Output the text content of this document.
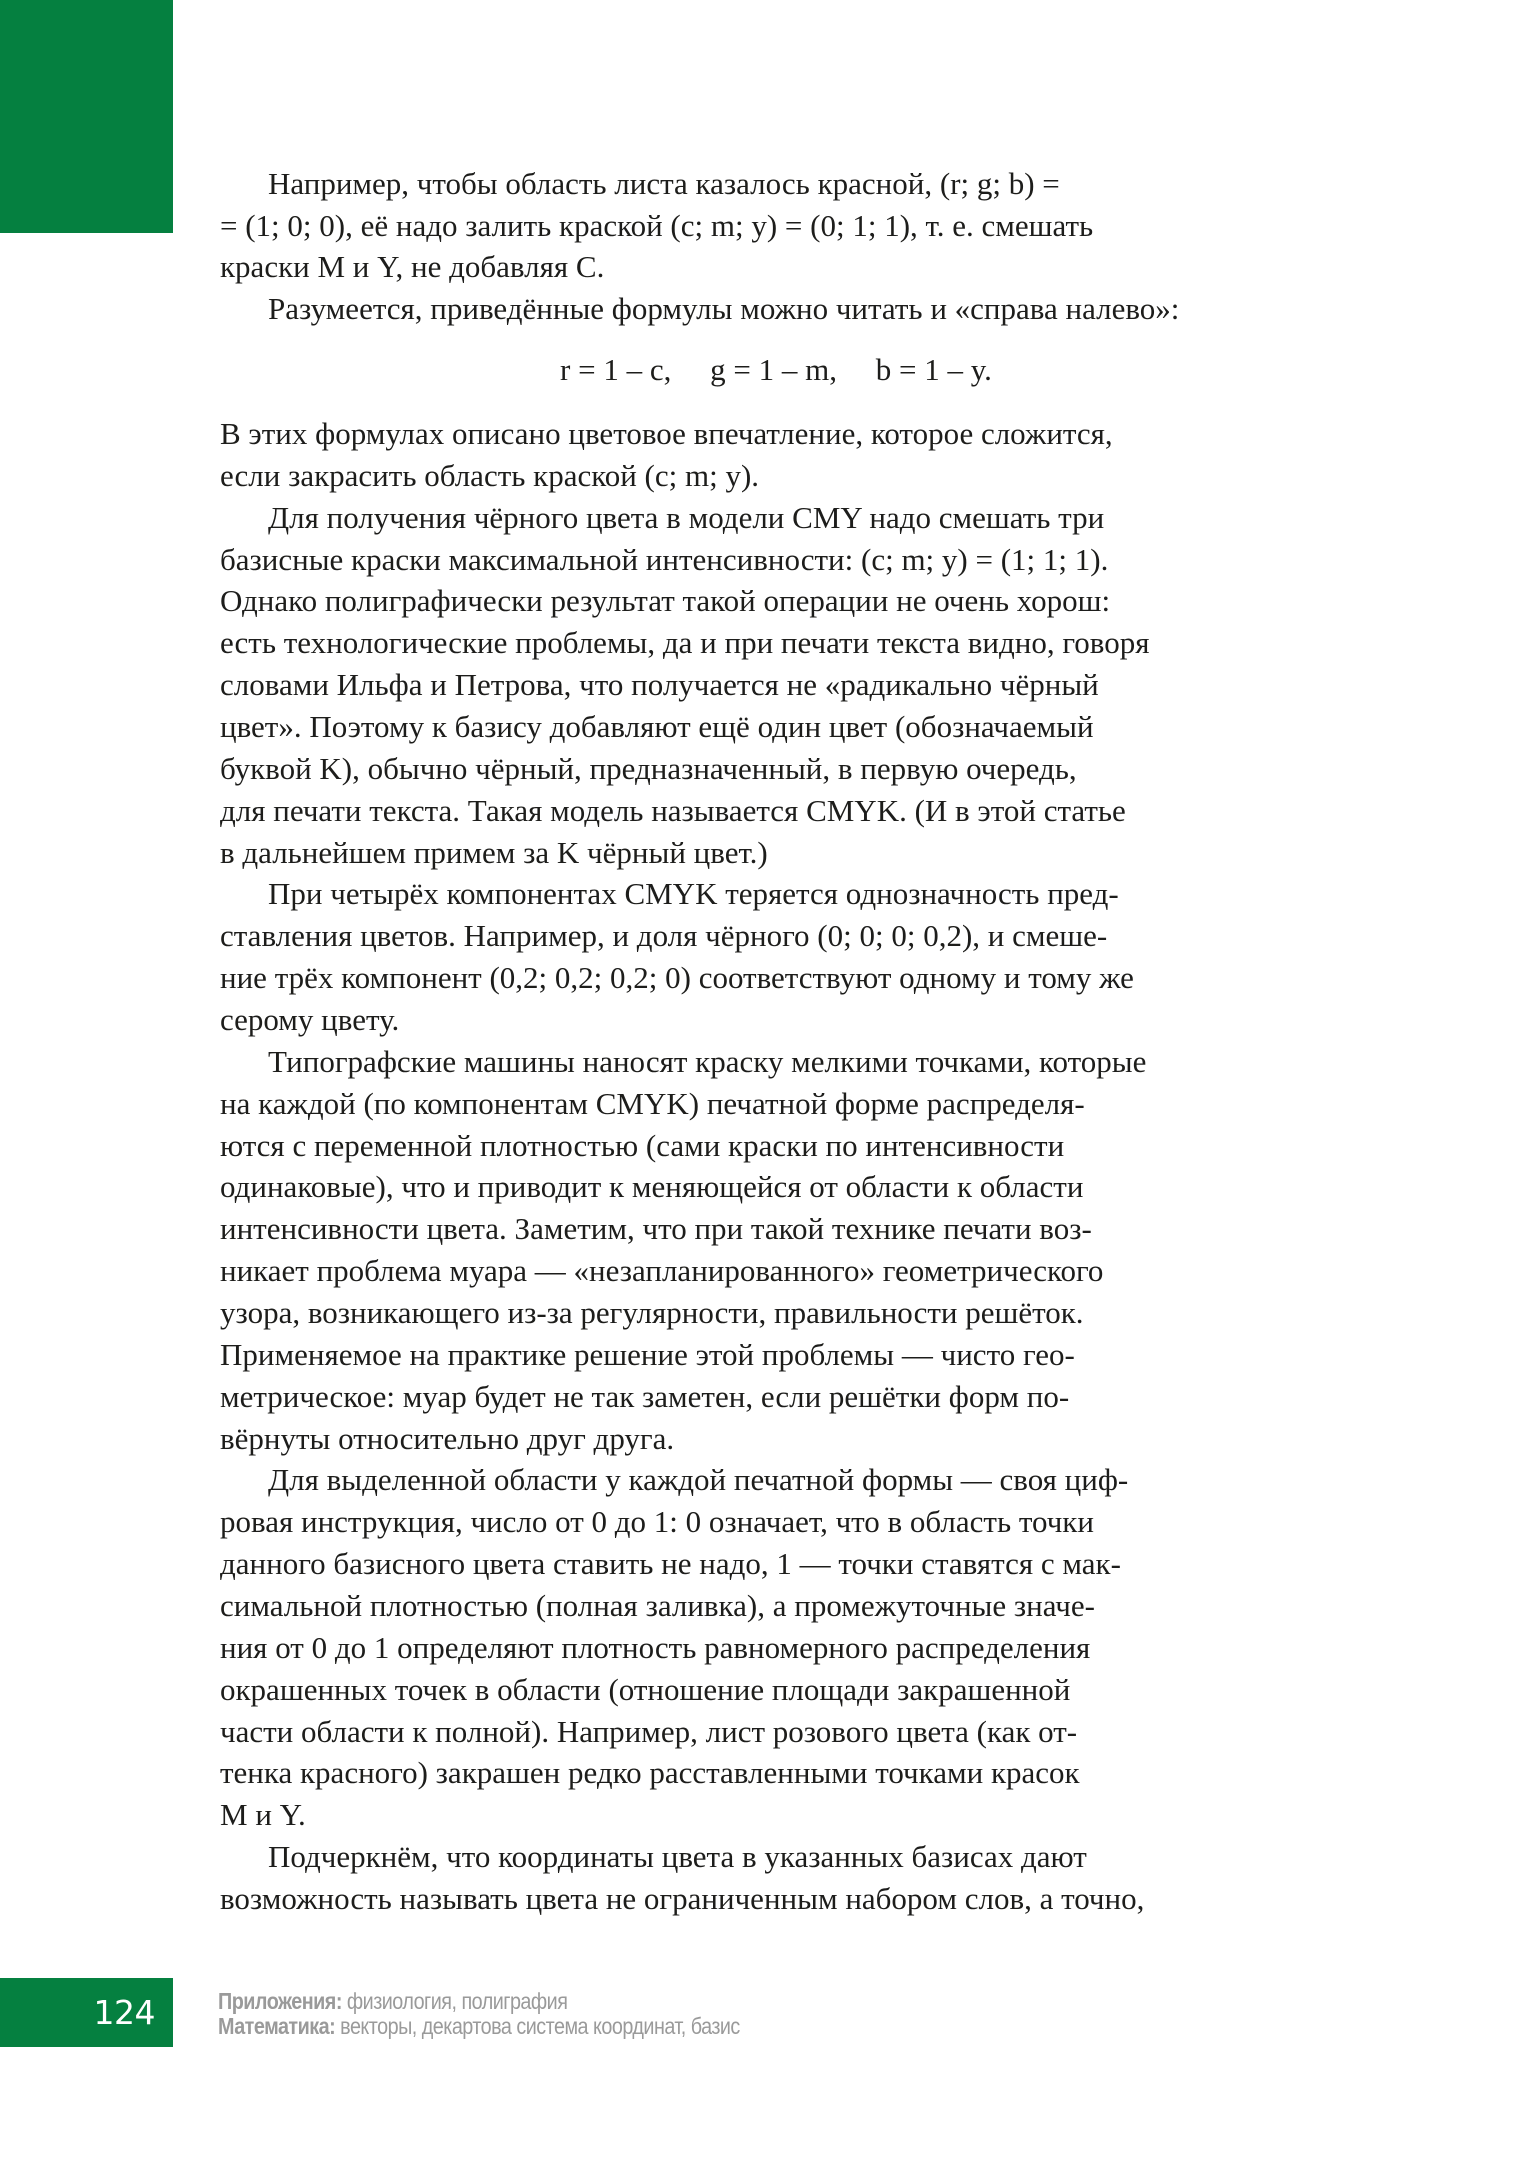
Например, чтобы область листа казалось красной, (r; g; b) =
= (1; 0; 0), её надо залить краской (c; m; y) = (0; 1; 1), т. е. смешать
краски M и Y, не добавляя C.
Разумеется, приведённые формулы можно читать и «справа налево»:
r = 1 – c,     g = 1 – m,     b = 1 – y.
В этих формулах описано цветовое впечатление, которое сложится,
если закрасить область краской (c; m; y).
Для получения чёрного цвета в модели CMY надо смешать три
базисные краски максимальной интенсивности: (c; m; y) = (1; 1; 1).
Однако полиграфически результат такой операции не очень хорош:
есть технологические проблемы, да и при печати текста видно, говоря
словами Ильфа и Петрова, что получается не «радикально чёрный
цвет». Поэтому к базису добавляют ещё один цвет (обозначаемый
буквой K), обычно чёрный, предназначенный, в первую очередь,
для печати текста. Такая модель называется CMYK. (И в этой статье
в дальнейшем примем за K чёрный цвет.)
При четырёх компонентах CMYK теряется однозначность пред-
ставления цветов. Например, и доля чёрного (0; 0; 0; 0,2), и смеше-
ние трёх компонент (0,2; 0,2; 0,2; 0) соответствуют одному и тому же
серому цвету.
Типографские машины наносят краску мелкими точками, которые
на каждой (по компонентам CMYK) печатной форме распределя-
ются с переменной плотностью (сами краски по интенсивности
одинаковые), что и приводит к меняющейся от области к области
интенсивности цвета. Заметим, что при такой технике печати воз-
никает проблема муара — «незапланированного» геометрического
узора, возникающего из-за регулярности, правильности решёток.
Применяемое на практике решение этой проблемы — чисто гео-
метрическое: муар будет не так заметен, если решётки форм по-
вёрнуты относительно друг друга.
Для выделенной области у каждой печатной формы — своя циф-
ровая инструкция, число от 0 до 1: 0 означает, что в область точки
данного базисного цвета ставить не надо, 1 — точки ставятся с мак-
симальной плотностью (полная заливка), а промежуточные значе-
ния от 0 до 1 определяют плотность равномерного распределения
окрашенных точек в области (отношение площади закрашенной
части области к полной). Например, лист розового цвета (как от-
тенка красного) закрашен редко расставленными точками красок
M и Y.
Подчеркнём, что координаты цвета в указанных базисах дают
возможность называть цвета не ограниченным набором слов, а точно,
124	Приложения: физиология, полиграфия
Математика: векторы, декартова система координат, базис
